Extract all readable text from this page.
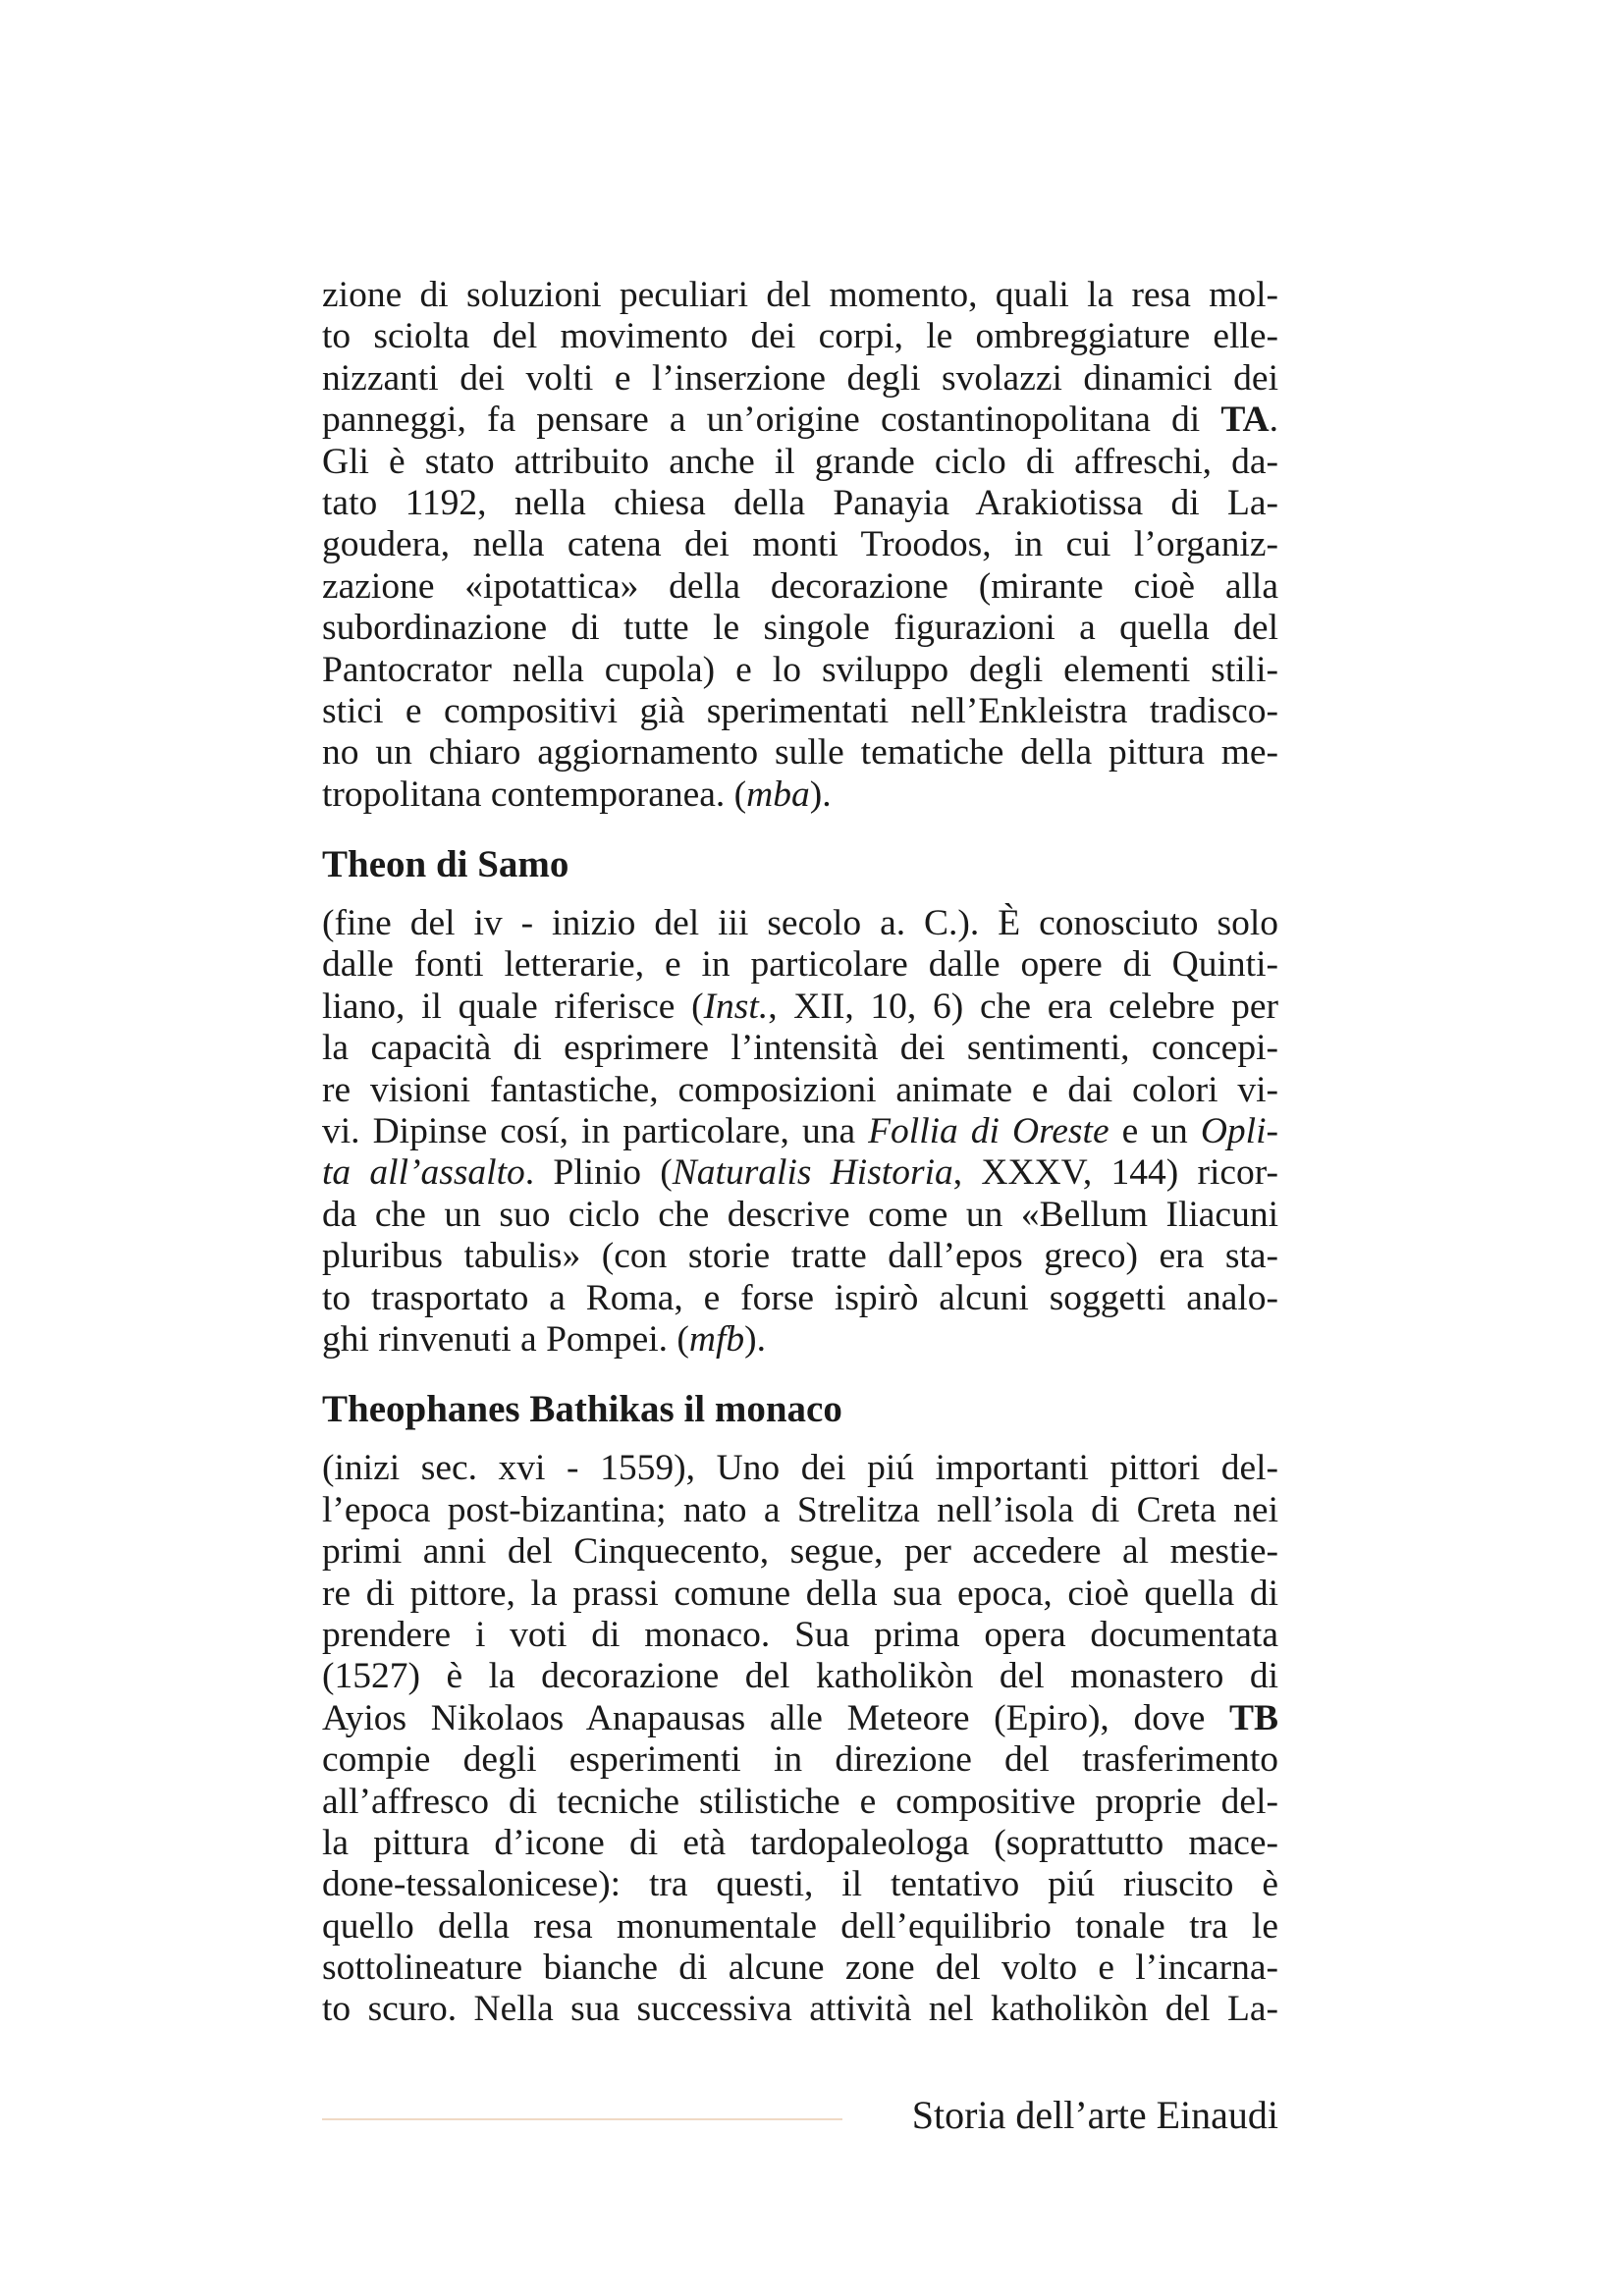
zione di soluzioni peculiari del momento, quali la resa mol-
to sciolta del movimento dei corpi, le ombreggiature elle-
nizzanti dei volti e l’inserzione degli svolazzi dinamici dei
panneggi, fa pensare a un’origine costantinopolitana di TA.
Gli è stato attribuito anche il grande ciclo di affreschi, da-
tato 1192, nella chiesa della Panayia Arakiotissa di La-
goudera, nella catena dei monti Troodos, in cui l’organiz-
zazione «ipotattica» della decorazione (mirante cioè alla
subordinazione di tutte le singole figurazioni a quella del
Pantocrator nella cupola) e lo sviluppo degli elementi stili-
stici e compositivi già sperimentati nell’Enkleistra tradisco-
no un chiaro aggiornamento sulle tematiche della pittura me-
tropolitana contemporanea. (mba).
Theon di Samo
(fine del iv - inizio del iii secolo a. C.). È conosciuto solo
dalle fonti letterarie, e in particolare dalle opere di Quinti-
liano, il quale riferisce (Inst., XII, 10, 6) che era celebre per
la capacità di esprimere l’intensità dei sentimenti, concepi-
re visioni fantastiche, composizioni animate e dai colori vi-
vi. Dipinse cosí, in particolare, una Follia di Oreste e un Opli-
ta all’assalto. Plinio (Naturalis Historia, XXXV, 144) ricor-
da che un suo ciclo che descrive come un «Bellum Iliacuni
pluribus tabulis» (con storie tratte dall’epos greco) era sta-
to trasportato a Roma, e forse ispirò alcuni soggetti analo-
ghi rinvenuti a Pompei. (mfb).
Theophanes Bathikas il monaco
(inizi sec. xvi - 1559), Uno dei piú importanti pittori del-
l’epoca post-bizantina; nato a Strelitza nell’isola di Creta nei
primi anni del Cinquecento, segue, per accedere al mestie-
re di pittore, la prassi comune della sua epoca, cioè quella di
prendere i voti di monaco. Sua prima opera documentata
(1527) è la decorazione del katholikòn del monastero di
Ayios Nikolaos Anapausas alle Meteore (Epiro), dove TB
compie degli esperimenti in direzione del trasferimento
all’affresco di tecniche stilistiche e compositive proprie del-
la pittura d’icone di età tardopaleologa (soprattutto mace-
done-tessalonicese): tra questi, il tentativo piú riuscito è
quello della resa monumentale dell’equilibrio tonale tra le
sottolineature bianche di alcune zone del volto e l’incarna-
to scuro. Nella sua successiva attività nel katholikòn del La-
Storia dell’arte Einaudi
